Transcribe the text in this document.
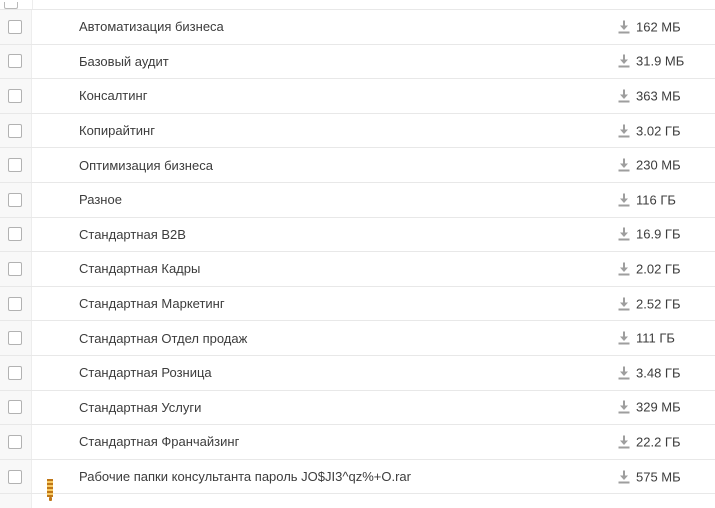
Автоматизация бизнеса	162 МБ
Базовый аудит	31.9 МБ
Консалтинг	363 МБ
Копирайтинг	3.02 ГБ
Оптимизация бизнеса	230 МБ
Разное	116 ГБ
Стандартная B2B	16.9 ГБ
Стандартная Кадры	2.02 ГБ
Стандартная Маркетинг	2.52 ГБ
Стандартная Отдел продаж	111 ГБ
Стандартная Розница	3.48 ГБ
Стандартная Услуги	329 МБ
Стандартная Франчайзинг	22.2 ГБ
Рабочие папки консультанта пароль JO$JI3^qz%+O.rar	575 МБ
